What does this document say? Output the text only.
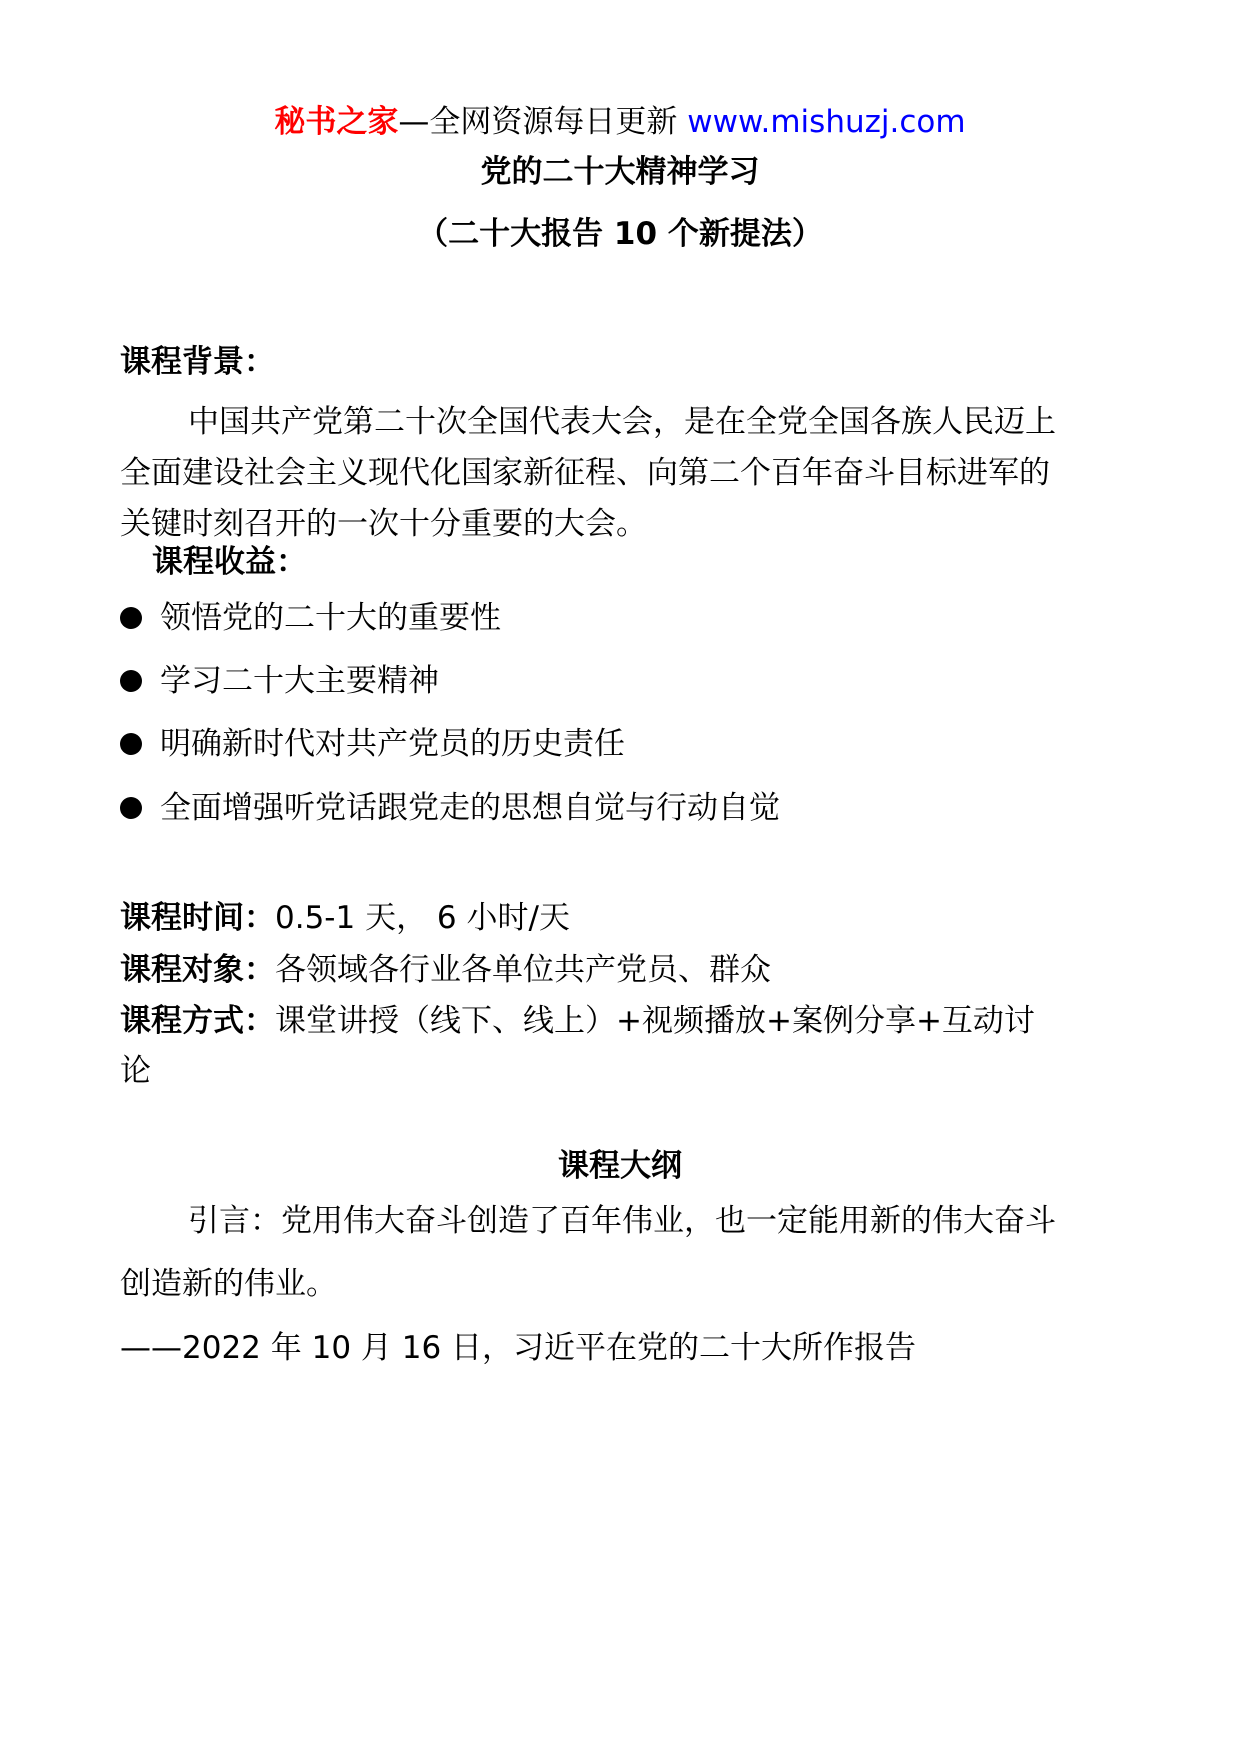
秘书之家—全网资源每日更新 www.mishuzj.com
党的二十大精神学习
（二十大报告 10 个新提法）
课程背景：

中国共产党第二十次全国代表大会，是在全党全国各族人民迈上

全面建设社会主义现代化国家新征程、向第二个百年奋斗目标进军的

关键时刻召开的一次十分重要的大会。

课程收益：
领悟党的二十大的重要性
学习二十大主要精神
明确新时代对共产党员的历史责任
全面增强听党话跟党走的思想自觉与行动自觉
课程时间：0.5-1 天， 6 小时/天
课程对象：各领域各行业各单位共产党员、群众
课程方式：课堂讲授（线下、线上）+视频播放+案例分享+互动讨
论
课程大纲
引言：党用伟大奋斗创造了百年伟业，也一定能用新的伟大奋斗
创造新的伟业。
——2022 年 10 月 16 日，习近平在党的二十大所作报告
